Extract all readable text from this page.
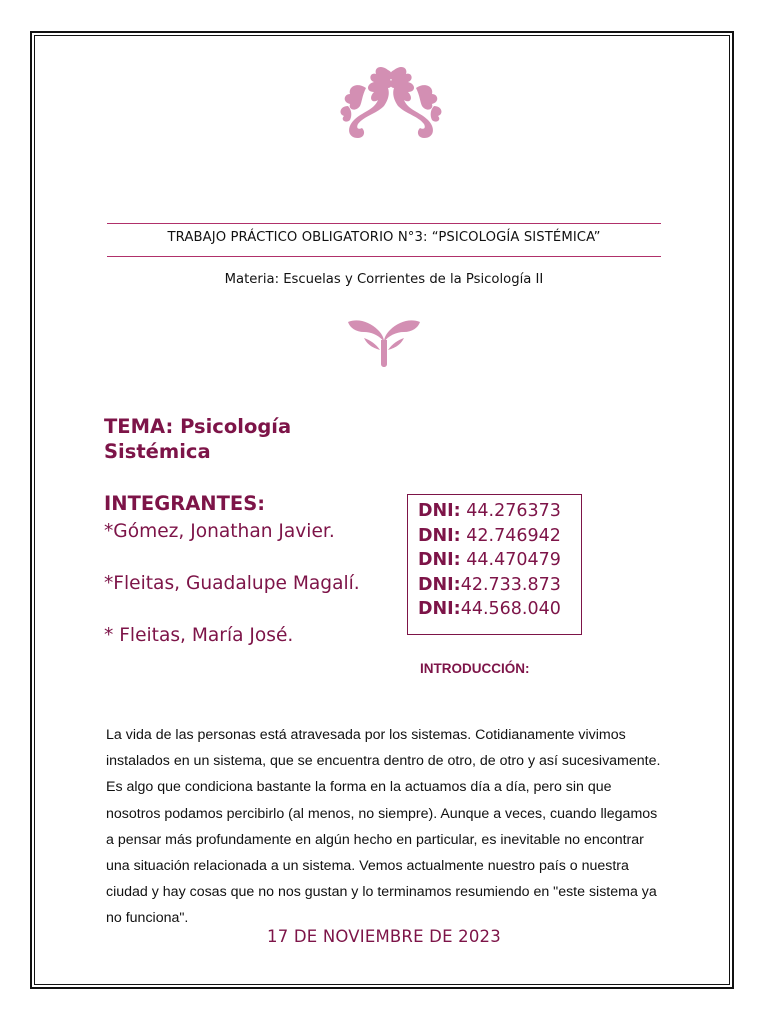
TRABAJO PRÁCTICO OBLIGATORIO N°3: “PSICOLOGÍA SISTÉMICA”
Materia: Escuelas y Corrientes de la Psicología II
TEMA: Psicología Sistémica
INTEGRANTES:
*Gómez, Jonathan Javier.
*Fleitas, Guadalupe Magalí.
* Fleitas, María José.
DNI: 44.276373
DNI: 42.746942
DNI: 44.470479
DNI:42.733.873
DNI:44.568.040
INTRODUCCIÓN:
La vida de las personas está atravesada por los sistemas. Cotidianamente vivimos instalados en un sistema, que se encuentra dentro de otro, de otro y así sucesivamente. Es algo que condiciona bastante la forma en la actuamos día a día, pero sin que nosotros podamos percibirlo (al menos, no siempre). Aunque a veces, cuando llegamos a pensar más profundamente en algún hecho en particular, es inevitable no encontrar una situación relacionada a un sistema. Vemos actualmente nuestro país o nuestra ciudad y hay cosas que no nos gustan y lo terminamos resumiendo en "este sistema ya no funciona".
17 DE NOVIEMBRE DE 2023
